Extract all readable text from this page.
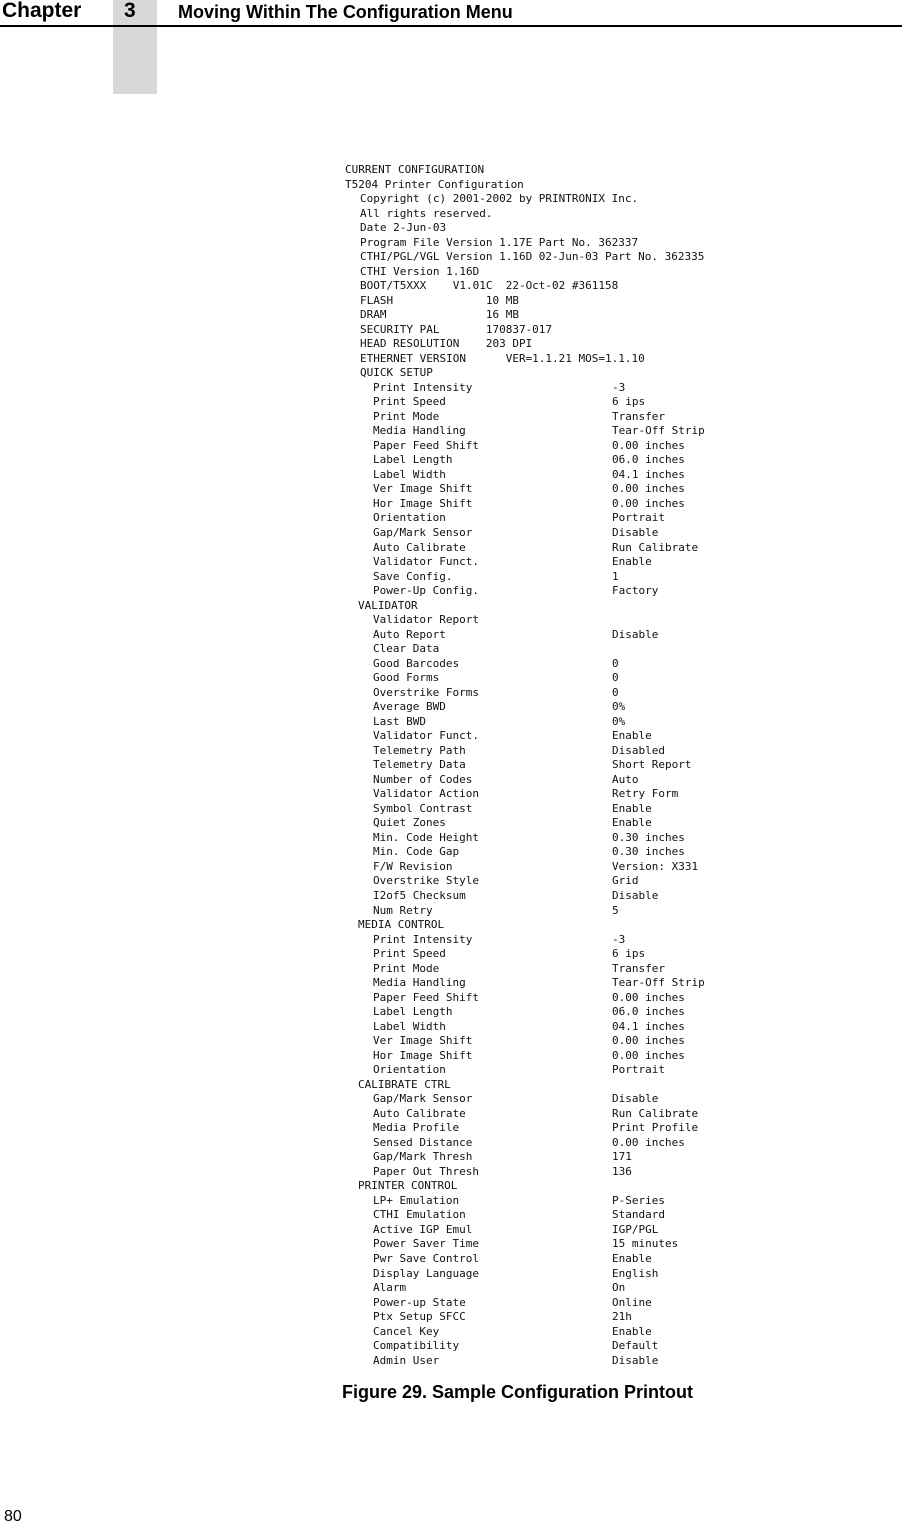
Chapter 3 Moving Within The Configuration Menu
CURRENT CONFIGURATION
T5204 Printer Configuration
Copyright (c) 2001-2002 by PRINTRONIX Inc.
All rights reserved.
Date 2-Jun-03
Program File Version 1.17E Part No. 362337
CTHI/PGL/VGL Version 1.16D 02-Jun-03 Part No. 362335
CTHI Version 1.16D
BOOT/T5XXX    V1.01C  22-Oct-02 #361158
FLASH              10 MB
DRAM               16 MB
SECURITY PAL       170837-017
HEAD RESOLUTION    203 DPI
ETHERNET VERSION      VER=1.1.21 MOS=1.1.10
QUICK SETUP
Print Intensity	-3
Print Speed	6 ips
Print Mode	Transfer
Media Handling	Tear-Off Strip
Paper Feed Shift	0.00 inches
Label Length	06.0 inches
Label Width	04.1 inches
Ver Image Shift	0.00 inches
Hor Image Shift	0.00 inches
Orientation	Portrait
Gap/Mark Sensor	Disable
Auto Calibrate	Run Calibrate
Validator Funct.	Enable
Save Config.	1
Power-Up Config.	Factory
VALIDATOR
Validator Report
Auto Report	Disable
Clear Data
Good Barcodes	0
Good Forms	0
Overstrike Forms	0
Average BWD	0%
Last BWD	0%
Validator Funct.	Enable
Telemetry Path	Disabled
Telemetry Data	Short Report
Number of Codes	Auto
Validator Action	Retry Form
Symbol Contrast	Enable
Quiet Zones	Enable
Min. Code Height	0.30 inches
Min. Code Gap	0.30 inches
F/W Revision	Version: X331
Overstrike Style	Grid
I2of5 Checksum	Disable
Num Retry	5
MEDIA CONTROL
Print Intensity	-3
Print Speed	6 ips
Print Mode	Transfer
Media Handling	Tear-Off Strip
Paper Feed Shift	0.00 inches
Label Length	06.0 inches
Label Width	04.1 inches
Ver Image Shift	0.00 inches
Hor Image Shift	0.00 inches
Orientation	Portrait
CALIBRATE CTRL
Gap/Mark Sensor	Disable
Auto Calibrate	Run Calibrate
Media Profile	Print Profile
Sensed Distance	0.00 inches
Gap/Mark Thresh	171
Paper Out Thresh	136
PRINTER CONTROL
LP+ Emulation	P-Series
CTHI Emulation	Standard
Active IGP Emul	IGP/PGL
Power Saver Time	15 minutes
Pwr Save Control	Enable
Display Language	English
Alarm	On
Power-up State	Online
Ptx Setup SFCC	21h
Cancel Key	Enable
Compatibility	Default
Admin User	Disable
Figure 29. Sample Configuration Printout
80
